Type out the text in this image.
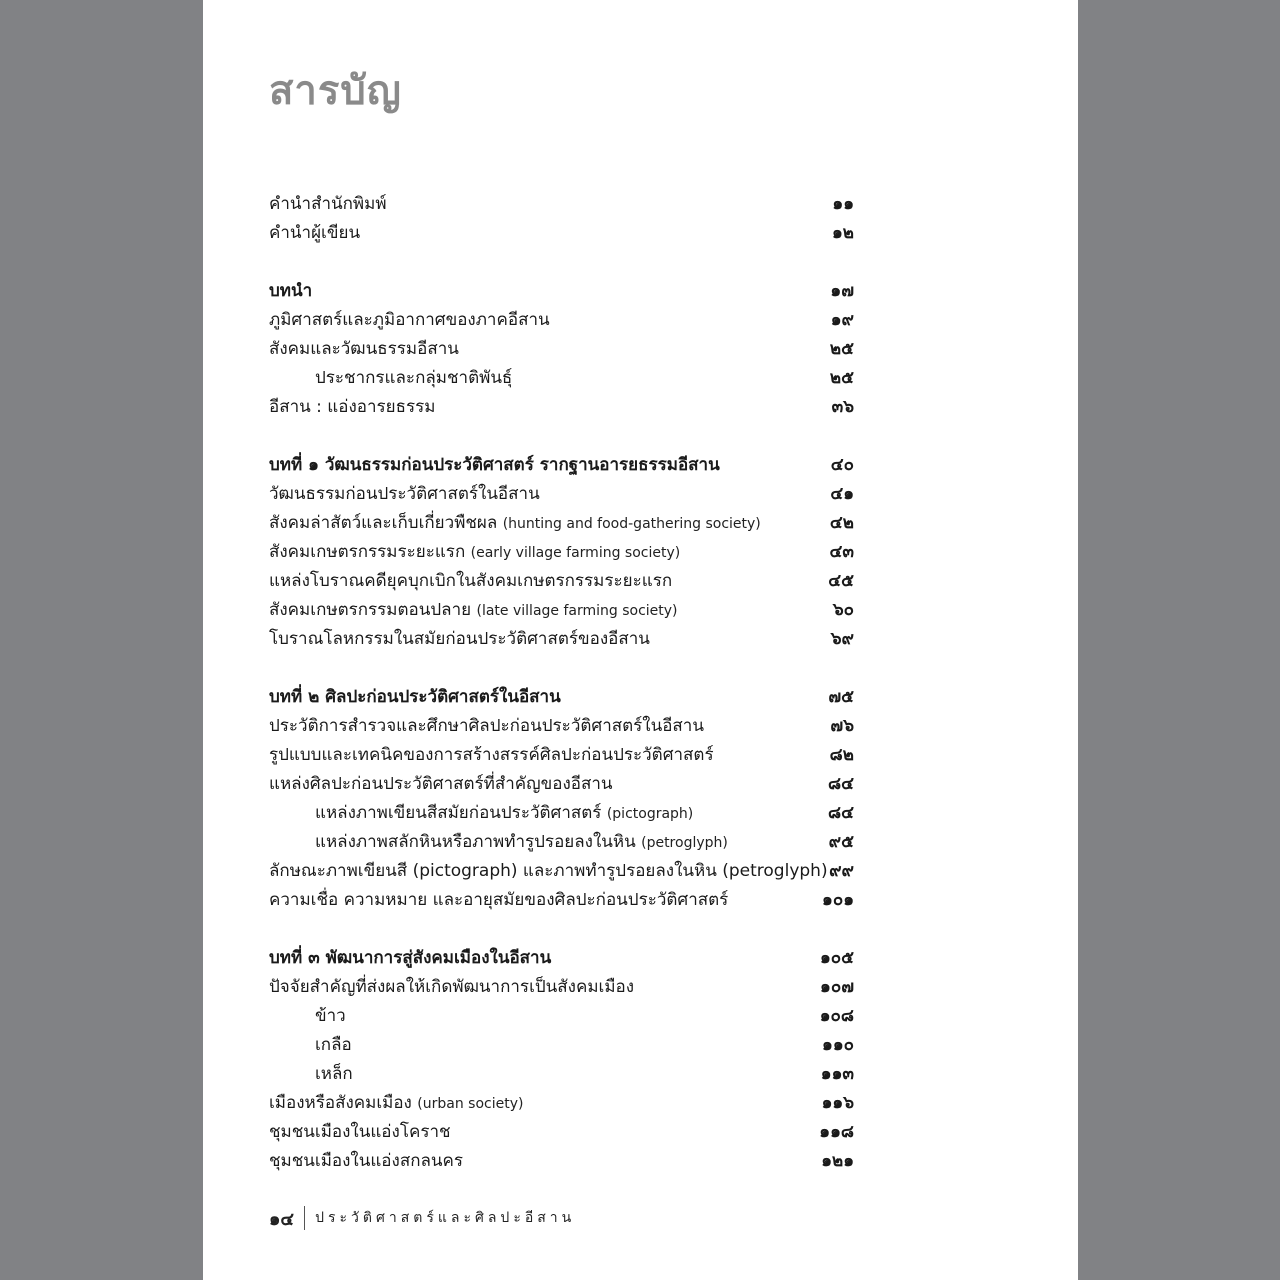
สารบัญ
คำนำสำนักพิมพ์	๑๑
คำนำผู้เขียน	๑๒
บทนำ	๑๗
ภูมิศาสตร์และภูมิอากาศของภาคอีสาน	๑๙
สังคมและวัฒนธรรมอีสาน	๒๕
ประชากรและกลุ่มชาติพันธุ์	๒๕
อีสาน : แอ่งอารยธรรม	๓๖
บทที่ ๑ วัฒนธรรมก่อนประวัติศาสตร์ รากฐานอารยธรรมอีสาน	๔๐
วัฒนธรรมก่อนประวัติศาสตร์ในอีสาน	๔๑
สังคมล่าสัตว์และเก็บเกี่ยวพืชผล (hunting and food-gathering society)	๔๒
สังคมเกษตรกรรมระยะแรก (early village farming society)	๔๓
แหล่งโบราณคดียุคบุกเบิกในสังคมเกษตรกรรมระยะแรก	๔๕
สังคมเกษตรกรรมตอนปลาย (late village farming society)	๖๐
โบราณโลหกรรมในสมัยก่อนประวัติศาสตร์ของอีสาน	๖๙
บทที่ ๒ ศิลปะก่อนประวัติศาสตร์ในอีสาน	๗๕
ประวัติการสำรวจและศึกษาศิลปะก่อนประวัติศาสตร์ในอีสาน	๗๖
รูปแบบและเทคนิคของการสร้างสรรค์ศิลปะก่อนประวัติศาสตร์	๘๒
แหล่งศิลปะก่อนประวัติศาสตร์ที่สำคัญของอีสาน	๘๔
แหล่งภาพเขียนสีสมัยก่อนประวัติศาสตร์ (pictograph)	๘๔
แหล่งภาพสลักหินหรือภาพทำรูปรอยลงในหิน (petroglyph)	๙๕
ลักษณะภาพเขียนสี (pictograph) และภาพทำรูปรอยลงในหิน (petroglyph) ๙๙
ความเชื่อ ความหมาย และอายุสมัยของศิลปะก่อนประวัติศาสตร์	๑๐๑
บทที่ ๓ พัฒนาการสู่สังคมเมืองในอีสาน	๑๐๕
ปัจจัยสำคัญที่ส่งผลให้เกิดพัฒนาการเป็นสังคมเมือง	๑๐๗
ข้าว	๑๐๘
เกลือ	๑๑๐
เหล็ก	๑๑๓
เมืองหรือสังคมเมือง (urban society)	๑๑๖
ชุมชนเมืองในแอ่งโคราช	๑๑๘
ชุมชนเมืองในแอ่งสกลนคร	๑๒๑
๑๔ ประวัติศาสตร์และศิลปะอีสาน
